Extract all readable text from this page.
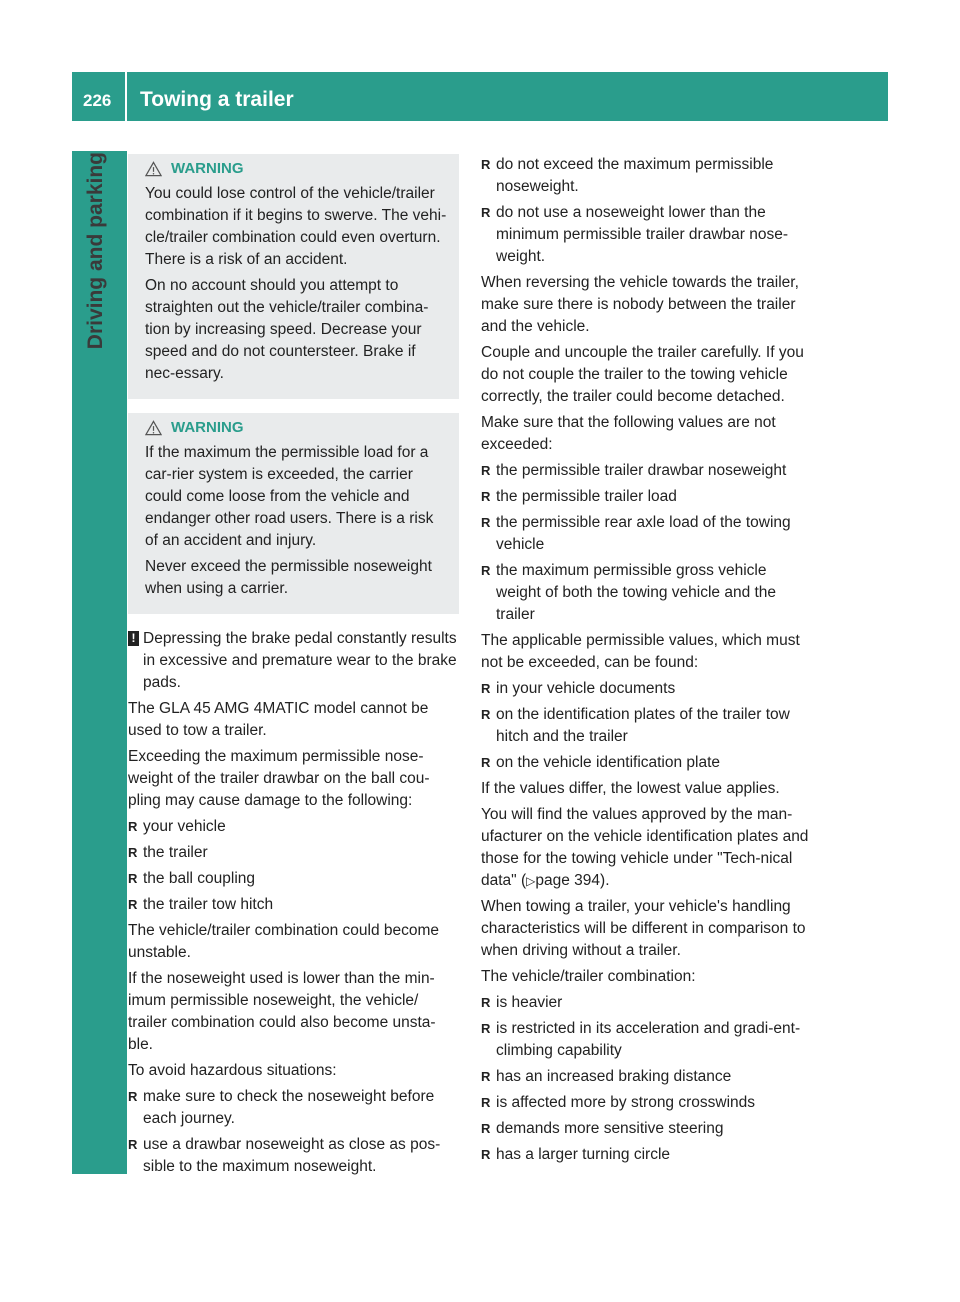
226 Towing a trailer
Driving and parking	WARNING

You could lose control of the vehicle/trailer combination if it begins to swerve. The vehi-cle/trailer combination could even overturn. There is a risk of an accident.

On no account should you attempt to straighten out the vehicle/trailer combina-tion by increasing speed. Decrease your speed and do not countersteer. Brake if nec-essary.

WARNING

If the maximum the permissible load for a car-rier system is exceeded, the carrier could come loose from the vehicle and endanger other road users. There is a risk of an accident and injury.

Never exceed the permissible noseweight when using a carrier.

! Depressing the brake pedal constantly results in excessive and premature wear to the brake pads.

The GLA 45 AMG 4MATIC model cannot be used to tow a trailer.

Exceeding the maximum permissible nose-weight of the trailer drawbar on the ball cou-pling may cause damage to the following:

R your vehicle
R the trailer
R the ball coupling
R the trailer tow hitch

The vehicle/trailer combination could become unstable.

If the noseweight used is lower than the min-imum permissible noseweight, the vehicle/ trailer combination could also become unsta-ble.

To avoid hazardous situations:

R make sure to check the noseweight before each journey.
R use a drawbar noseweight as close as pos-sible to the maximum noseweight.
R do not exceed the maximum permissible noseweight.
R do not use a noseweight lower than the minimum permissible trailer drawbar nose-weight.

When reversing the vehicle towards the trailer, make sure there is nobody between the trailer and the vehicle.

Couple and uncouple the trailer carefully. If you do not couple the trailer to the towing vehicle correctly, the trailer could become detached.

Make sure that the following values are not exceeded:

R the permissible trailer drawbar noseweight
R the permissible trailer load
R the permissible rear axle load of the towing vehicle
R the maximum permissible gross vehicle weight of both the towing vehicle and the trailer

The applicable permissible values, which must not be exceeded, can be found:

R in your vehicle documents
R on the identification plates of the trailer tow hitch and the trailer
R on the vehicle identification plate

If the values differ, the lowest value applies.

You will find the values approved by the man-ufacturer on the vehicle identification plates and those for the towing vehicle under "Tech-nical data" (▷page 394).

When towing a trailer, your vehicle's handling characteristics will be different in comparison to when driving without a trailer.

The vehicle/trailer combination:

R is heavier
R is restricted in its acceleration and gradi-ent-climbing capability
R has an increased braking distance
R is affected more by strong crosswinds
R demands more sensitive steering
R has a larger turning circle
